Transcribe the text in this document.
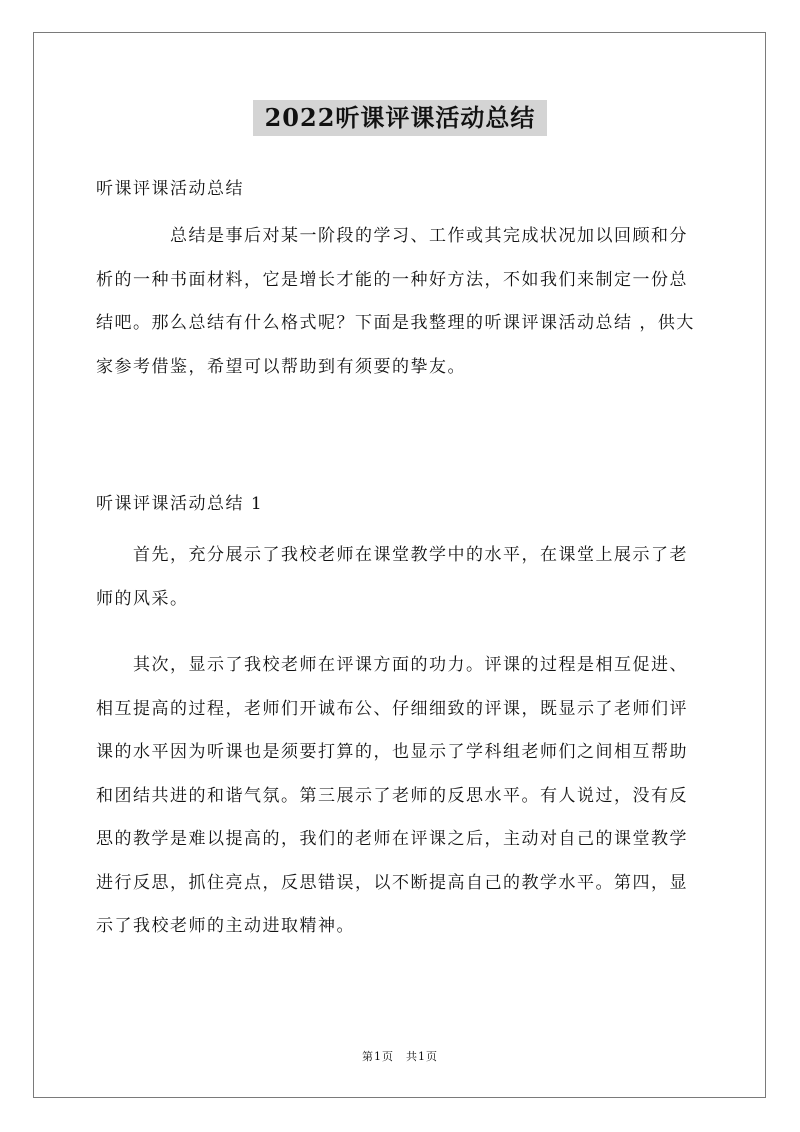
2022听课评课活动总结
听课评课活动总结
　　　　总结是事后对某一阶段的学习、工作或其完成状况加以回顾和分析的一种书面材料，它是增长才能的一种好方法，不如我们来制定一份总结吧。那么总结有什么格式呢？下面是我整理的听课评课活动总结 ，供大家参考借鉴，希望可以帮助到有须要的挚友。
听课评课活动总结 1
　　首先，充分展示了我校老师在课堂教学中的水平，在课堂上展示了老师的风采。
　　其次，显示了我校老师在评课方面的功力。评课的过程是相互促进、相互提高的过程，老师们开诚布公、仔细细致的评课，既显示了老师们评课的水平因为听课也是须要打算的，也显示了学科组老师们之间相互帮助和团结共进的和谐气氛。第三展示了老师的反思水平。有人说过，没有反思的教学是难以提高的，我们的老师在评课之后，主动对自己的课堂教学进行反思，抓住亮点，反思错误，以不断提高自己的教学水平。第四，显示了我校老师的主动进取精神。
第1页　共1页
